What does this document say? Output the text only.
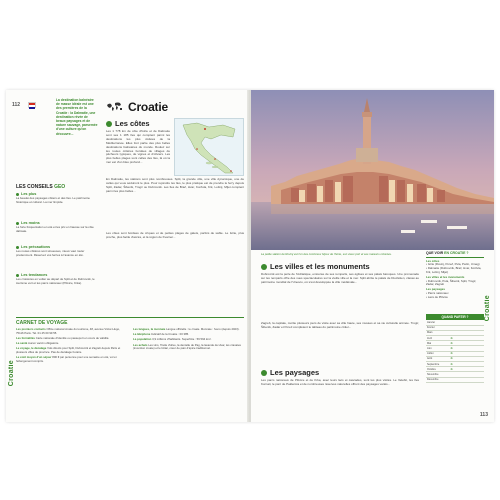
112
La destination balnéaire de masse idéale est une des premières de la Croatie : la Dalmatie, une destination rêvée de beaux paysages et de nature sauvage, parsemée d'une culture qu'on découvre...
Croatie
Les côtes
Les 1 778 km de côte d'Istrie et de Dalmatie sont ses 1 185 îles qui comptent parmi les destinations les plus visitées de la Méditerranée. Elles font partie des plus belles destinations balnéaires du monde. Roulez sur les routes côtières bordées de villages de pêcheurs typiques, de vignes et d'oliviers. Les plus belles plages sont celles des îles, là où la mer est d'un bleu profond...
En Dalmatie, les stations sont plus nombreuses. Split, la grande ville, une ville dynamique, une de celles qui vous séduiront le plus. Pour rejoindre les îles, le plus pratique est de prendre le ferry depuis Split, Zadar, Šibenik, Trogir ou Dubrovnik. Les îles de Brač, Hvar, Korčula, Krk, Lošinj, Mljet comptent parmi les plus belles...
Les côtes sont bordées de criques et de petites plages de galets, parfois de sable. Le Istrie, plus proche, plus facile d'accès, et la région de Kvarner...
LES CONSEILS GEO
Les plus
La beauté des paysages côtiers et des îles. Le patrimoine historique et culturel. La mer limpide.
Les moins
La forte fréquentation en été et les prix en hausse sur la côte dalmate.
Les précautions
Les routes côtières sont sinueuses, mieux vaut rouler prudemment. Réservez vos ferries à l'avance en été.
Les tendances
Les croisières en voilier au départ de Split et de Dubrovnik, le tourisme vert et les parcs nationaux (Plitvice, Krka).
CARNET DE VOYAGE
Les premiers contacts Office national croate du tourisme, 48, avenue Victor-Hugo, 75116 Paris. Tél. 01 45 00 99 55.
Les formalités Carte nationale d'identité ou passeport en cours de validité.
La santé Aucun vaccin obligatoire.
Le voyage, le décalage Vols directs pour Split, Dubrovnik et Zagreb depuis Paris et plusieurs villes de province. Pas de décalage horaire.
Le coût moyen d'un séjour 800 € par personne pour une semaine en été, vol et hébergement compris.
Les langues, la monnaie Langue officielle : le croate. Monnaie : l'euro (depuis 2023).
La téléphone Indicatif de la Croatie : 00 385.
La population 3,9 millions d'habitants. Superficie : 56 594 km².
Les achats Les vins, l'huile d'olive, la dentelle de Pag, la lavande de Hvar, les cravates (invention croate) et le licitar, cœur de pain d'épice traditionnel.
Croatie
La petite station de Rovinj est l'un des nombreux bijoux de l'Istrie, son vieux port et ses maisons colorées.
Les villes et les monuments
Dubrovnik est la perle de l'Adriatique, entourée de ses remparts, ses églises et ses palais baroques. Une promenade sur les remparts offre des vues spectaculaires sur la vieille ville et la mer. Split abrite le palais de Dioclétien, classé au patrimoine mondial de l'Unesco, où s'est développée la ville médiévale...
Zagreb, la capitale, mérite plusieurs jours de visite avec sa ville haute, ses musées et sa vie culturelle animée. Trogir, Šibenik, Zadar et Poreč complètent le tableau du patrimoine côtier...
Les paysages
Les parcs nationaux de Plitvice et de Krka, avec leurs lacs et cascades, sont les plus visités. Le Velebit, les îles Kornati, le parc de Paklenica et de nombreuses réserves naturelles offrent des paysages variés...
QUE VOIR EN CROATIE ?
Les côtes
• Istrie (Rovinj, Poreč, Pula, Pazin, Umag)
• Dalmatie (Dubrovnik, Brač, Hvar, Korčula, Krk, Lošinj, Mljet)
Les villes et les monuments
• Dubrovnik, Pula, Šibenik, Split, Trogir, Zadar, Zagreb
Les paysages
• Parcs nationaux
• Lacs de Plitvice
QUAND PARTIR ?
Janvier				
Février				
Mars				
Avril	✿			
Mai	✿			
Juin	✿			
Juillet	✿			
Août	✿			
Septembre	✿			
Octobre	✿			
Novembre				
Décembre				
Croatie
113
